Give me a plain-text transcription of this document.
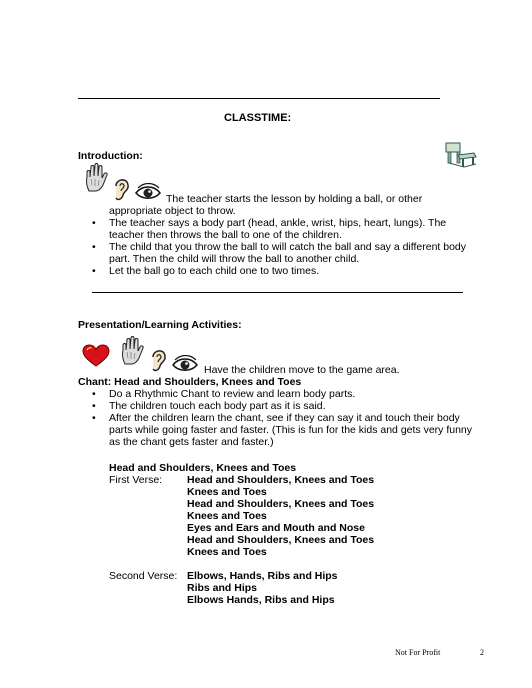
CLASSTIME:
Introduction:
The teacher starts the lesson by holding a ball, or other
appropriate object to throw.
• The teacher says a body part (head, ankle, wrist, hips, heart, lungs). The teacher then throws the ball to one of the children.
• The child that you throw the ball to will catch the ball and say a different body part. Then the child will throw the ball to another child.
• Let the ball go to each child one to two times.
Presentation/Learning Activities:
Have the children move to the game area.
Chant: Head and Shoulders, Knees and Toes
• Do a Rhythmic Chant to review and learn body parts.
• The children touch each body part as it is said.
• After the children learn the chant, see if they can say it and touch their body parts while going faster and faster. (This is fun for the kids and gets very funny as the chant gets faster and faster.)
Head and Shoulders, Knees and Toes
First Verse: Head and Shoulders, Knees and Toes
Knees and Toes
Head and Shoulders, Knees and Toes
Knees and Toes
Eyes and Ears and Mouth and Nose
Head and Shoulders, Knees and Toes
Knees and Toes
Second Verse: Elbows, Hands, Ribs and Hips
Ribs and Hips
Elbows Hands, Ribs and Hips
Not For Profit	2
